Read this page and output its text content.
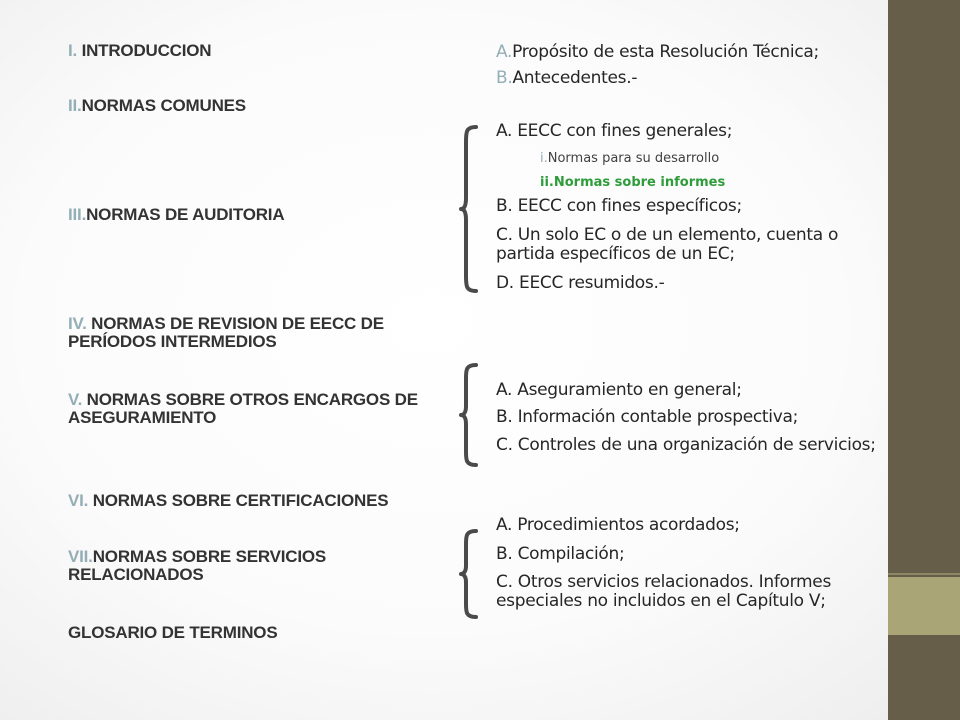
I. INTRODUCCION
II.NORMAS COMUNES
III.NORMAS DE AUDITORIA
IV. NORMAS DE REVISION DE EECC DE PERÍODOS INTERMEDIOS
V. NORMAS SOBRE OTROS ENCARGOS DE ASEGURAMIENTO
VI. NORMAS SOBRE CERTIFICACIONES
VII.NORMAS SOBRE SERVICIOS RELACIONADOS
GLOSARIO DE TERMINOS
A.Propósito de esta Resolución Técnica;
B.Antecedentes.-
A. EECC con fines generales;
i.Normas para su desarrollo
ii.Normas sobre informes
B. EECC con fines específicos;
C. Un solo EC o de un elemento, cuenta o partida específicos de un EC;
D. EECC resumidos.-
A. Aseguramiento en general;
B. Información contable prospectiva;
C. Controles de una organización de servicios;
A. Procedimientos acordados;
B. Compilación;
C. Otros servicios relacionados. Informes especiales no incluidos en el Capítulo V;
